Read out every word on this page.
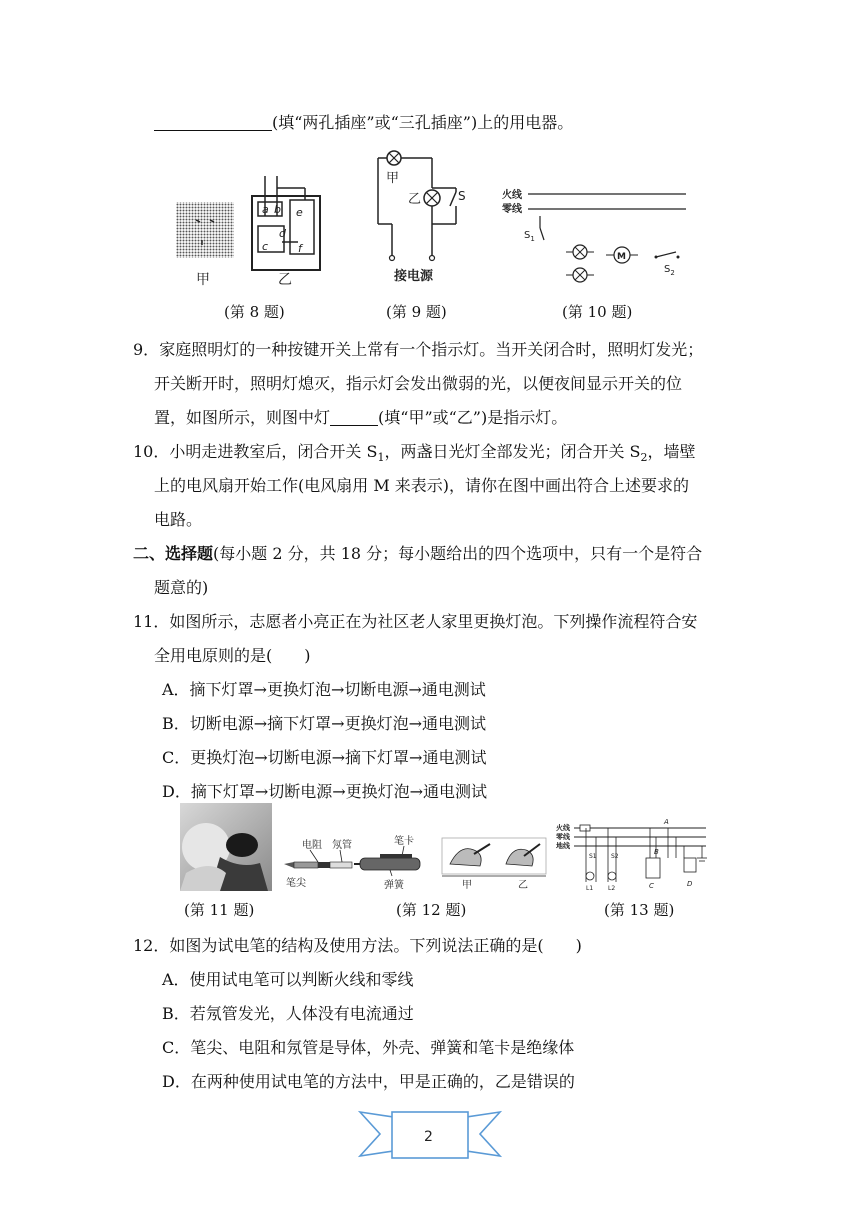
(填“两孔插座”或“三孔插座”)上的用电器。
a b e
c
d
f
甲	乙
(第 8 题)
甲
乙	S
接电源
(第 9 题)
火线
零线
$S_1$
M
$S_2$
(第 10 题)
9．家庭照明灯的一种按键开关上常有一个指示灯。当开关闭合时，照明灯发光；
开关断开时，照明灯熄灭，指示灯会发出微弱的光，以便夜间显示开关的位
置，如图所示，则图中灯	(填“甲”或“乙”)是指示灯。
10．小明走进教室后，闭合开关 $S_1$，两盏日光灯全部发光；闭合开关 $S_2$，墙壁
上的电风扇开始工作(电风扇用 M 来表示)，请你在图中画出符合上述要求的
电路。
二、选择题(每小题 2 分，共 18 分；每小题给出的四个选项中，只有一个是符合
题意的)
11．如图所示，志愿者小亮正在为社区老人家里更换灯泡。下列操作流程符合安
全用电原则的是(　　)
A．摘下灯罩→更换灯泡→切断电源→通电测试
B．切断电源→摘下灯罩→更换灯泡→通电测试
C．更换灯泡→切断电源→摘下灯罩→通电测试
D．摘下灯罩→切断电源→更换灯泡→通电测试
(第 11 题)
电阻 氖管	笔卡
笔尖	弹簧	甲	乙
(第 12 题)
火线
零线
地线
A
S1 S2
L1 L2
B
C	D
(第 13 题)
12．如图为试电笔的结构及使用方法。下列说法正确的是(　　)
A．使用试电笔可以判断火线和零线
B．若氖管发光，人体没有电流通过
C．笔尖、电阻和氖管是导体，外壳、弹簧和笔卡是绝缘体
D．在两种使用试电笔的方法中，甲是正确的，乙是错误的
2
